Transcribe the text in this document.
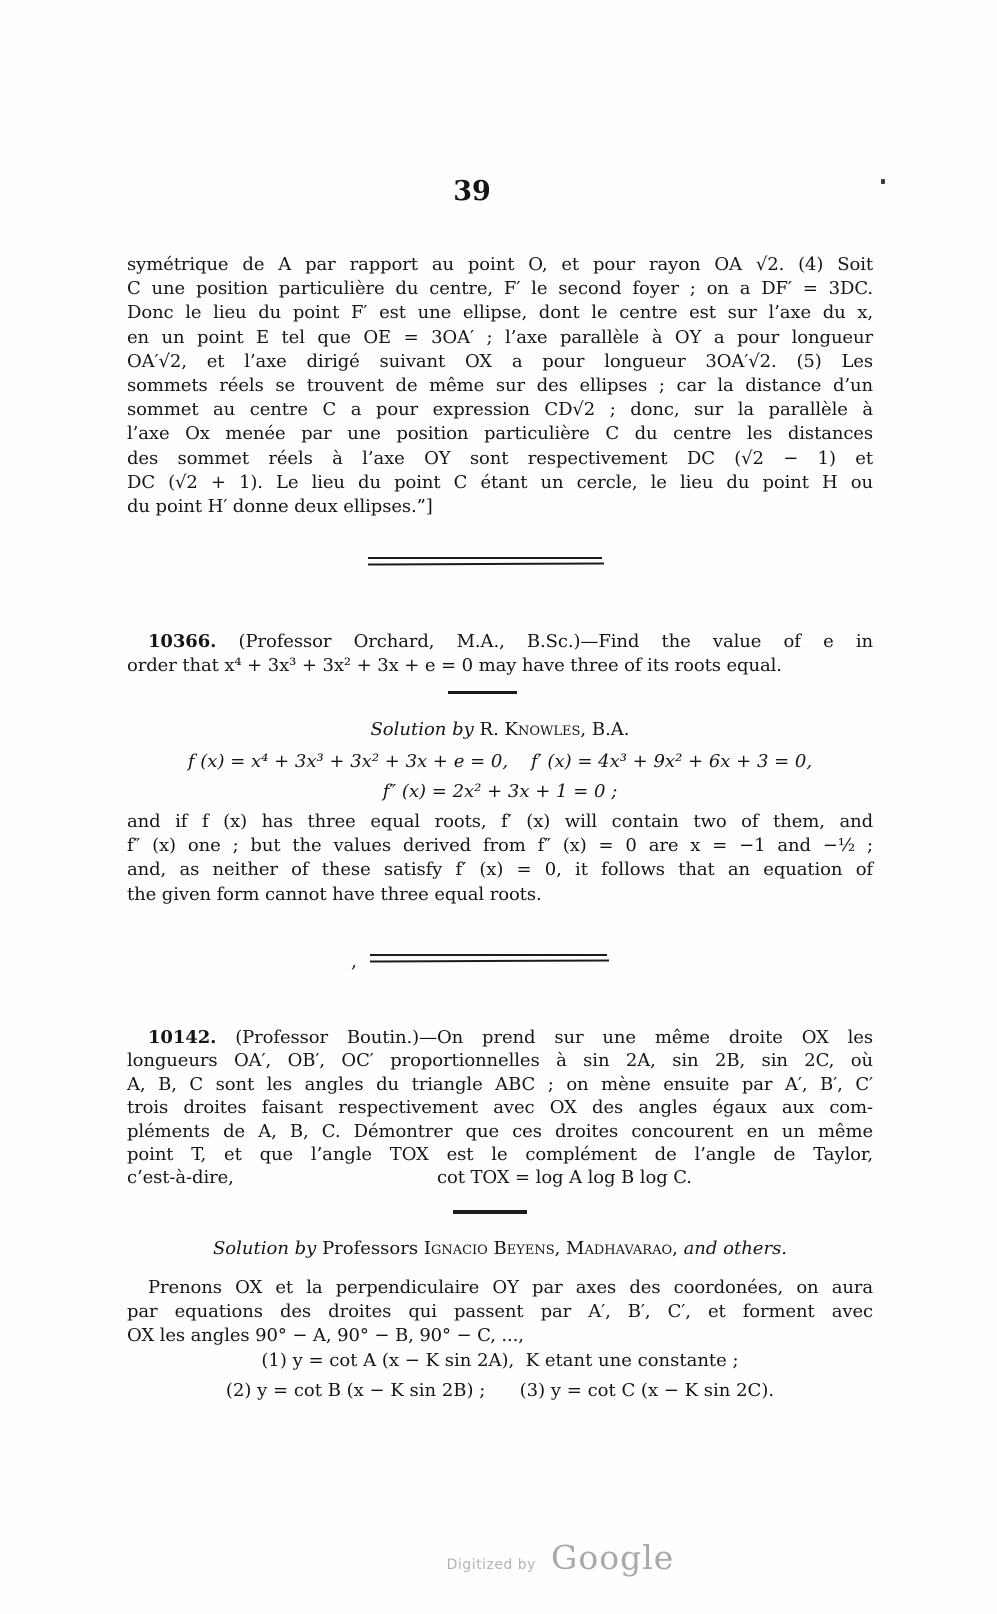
39
symétrique de A par rapport au point O, et pour rayon OA √2. (4) Soit
C une position particulière du centre, F′ le second foyer ; on a DF′ = 3DC.
Donc le lieu du point F′ est une ellipse, dont le centre est sur l’axe du x,
en un point E tel que OE = 3OA′ ; l’axe parallèle à OY a pour longueur
OA′√2, et l’axe dirigé suivant OX a pour longueur 3OA′√2. (5) Les
sommets réels se trouvent de même sur des ellipses ; car la distance d’un
sommet au centre C a pour expression CD√2 ; donc, sur la parallèle à
l’axe Ox menée par une position particulière C du centre les distances
des sommet réels à l’axe OY sont respectivement DC (√2 − 1) et
DC (√2 + 1). Le lieu du point C étant un cercle, le lieu du point H ou
du point H′ donne deux ellipses.”]
10366. (Professor Orchard, M.A., B.Sc.)—Find the value of e in
order that x⁴ + 3x³ + 3x² + 3x + e = 0 may have three of its roots equal.
Solution by R. Knowles, B.A.
f (x) = x⁴ + 3x³ + 3x² + 3x + e = 0,    f′ (x) = 4x³ + 9x² + 6x + 3 = 0,
f″ (x) = 2x² + 3x + 1 = 0 ;
and if f (x) has three equal roots, f′ (x) will contain two of them, and
f″ (x) one ; but the values derived from f″ (x) = 0 are x = −1 and −½ ;
and, as neither of these satisfy f′ (x) = 0, it follows that an equation of
the given form cannot have three equal roots.
,
10142. (Professor Boutin.)—On prend sur une même droite OX les
longueurs OA′, OB′, OC′ proportionnelles à sin 2A, sin 2B, sin 2C, où
A, B, C sont les angles du triangle ABC ; on mène ensuite par A′, B′, C′
trois droites faisant respectivement avec OX des angles égaux aux com-
pléments de A, B, C. Démontrer que ces droites concourent en un même
point T, et que l’angle TOX est le complément de l’angle de Taylor,
c’est-à-dire,	cot TOX = log A log B log C.
Solution by Professors Ignacio Beyens, Madhavarao, and others.
Prenons OX et la perpendiculaire OY par axes des coordonées, on aura
par equations des droites qui passent par A′, B′, C′, et forment avec
OX les angles 90° − A, 90° − B, 90° − C, ...,
(1) y = cot A (x − K sin 2A),  K etant une constante ;
(2) y = cot B (x − K sin 2B) ;      (3) y = cot C (x − K sin 2C).
Digitized by Google
